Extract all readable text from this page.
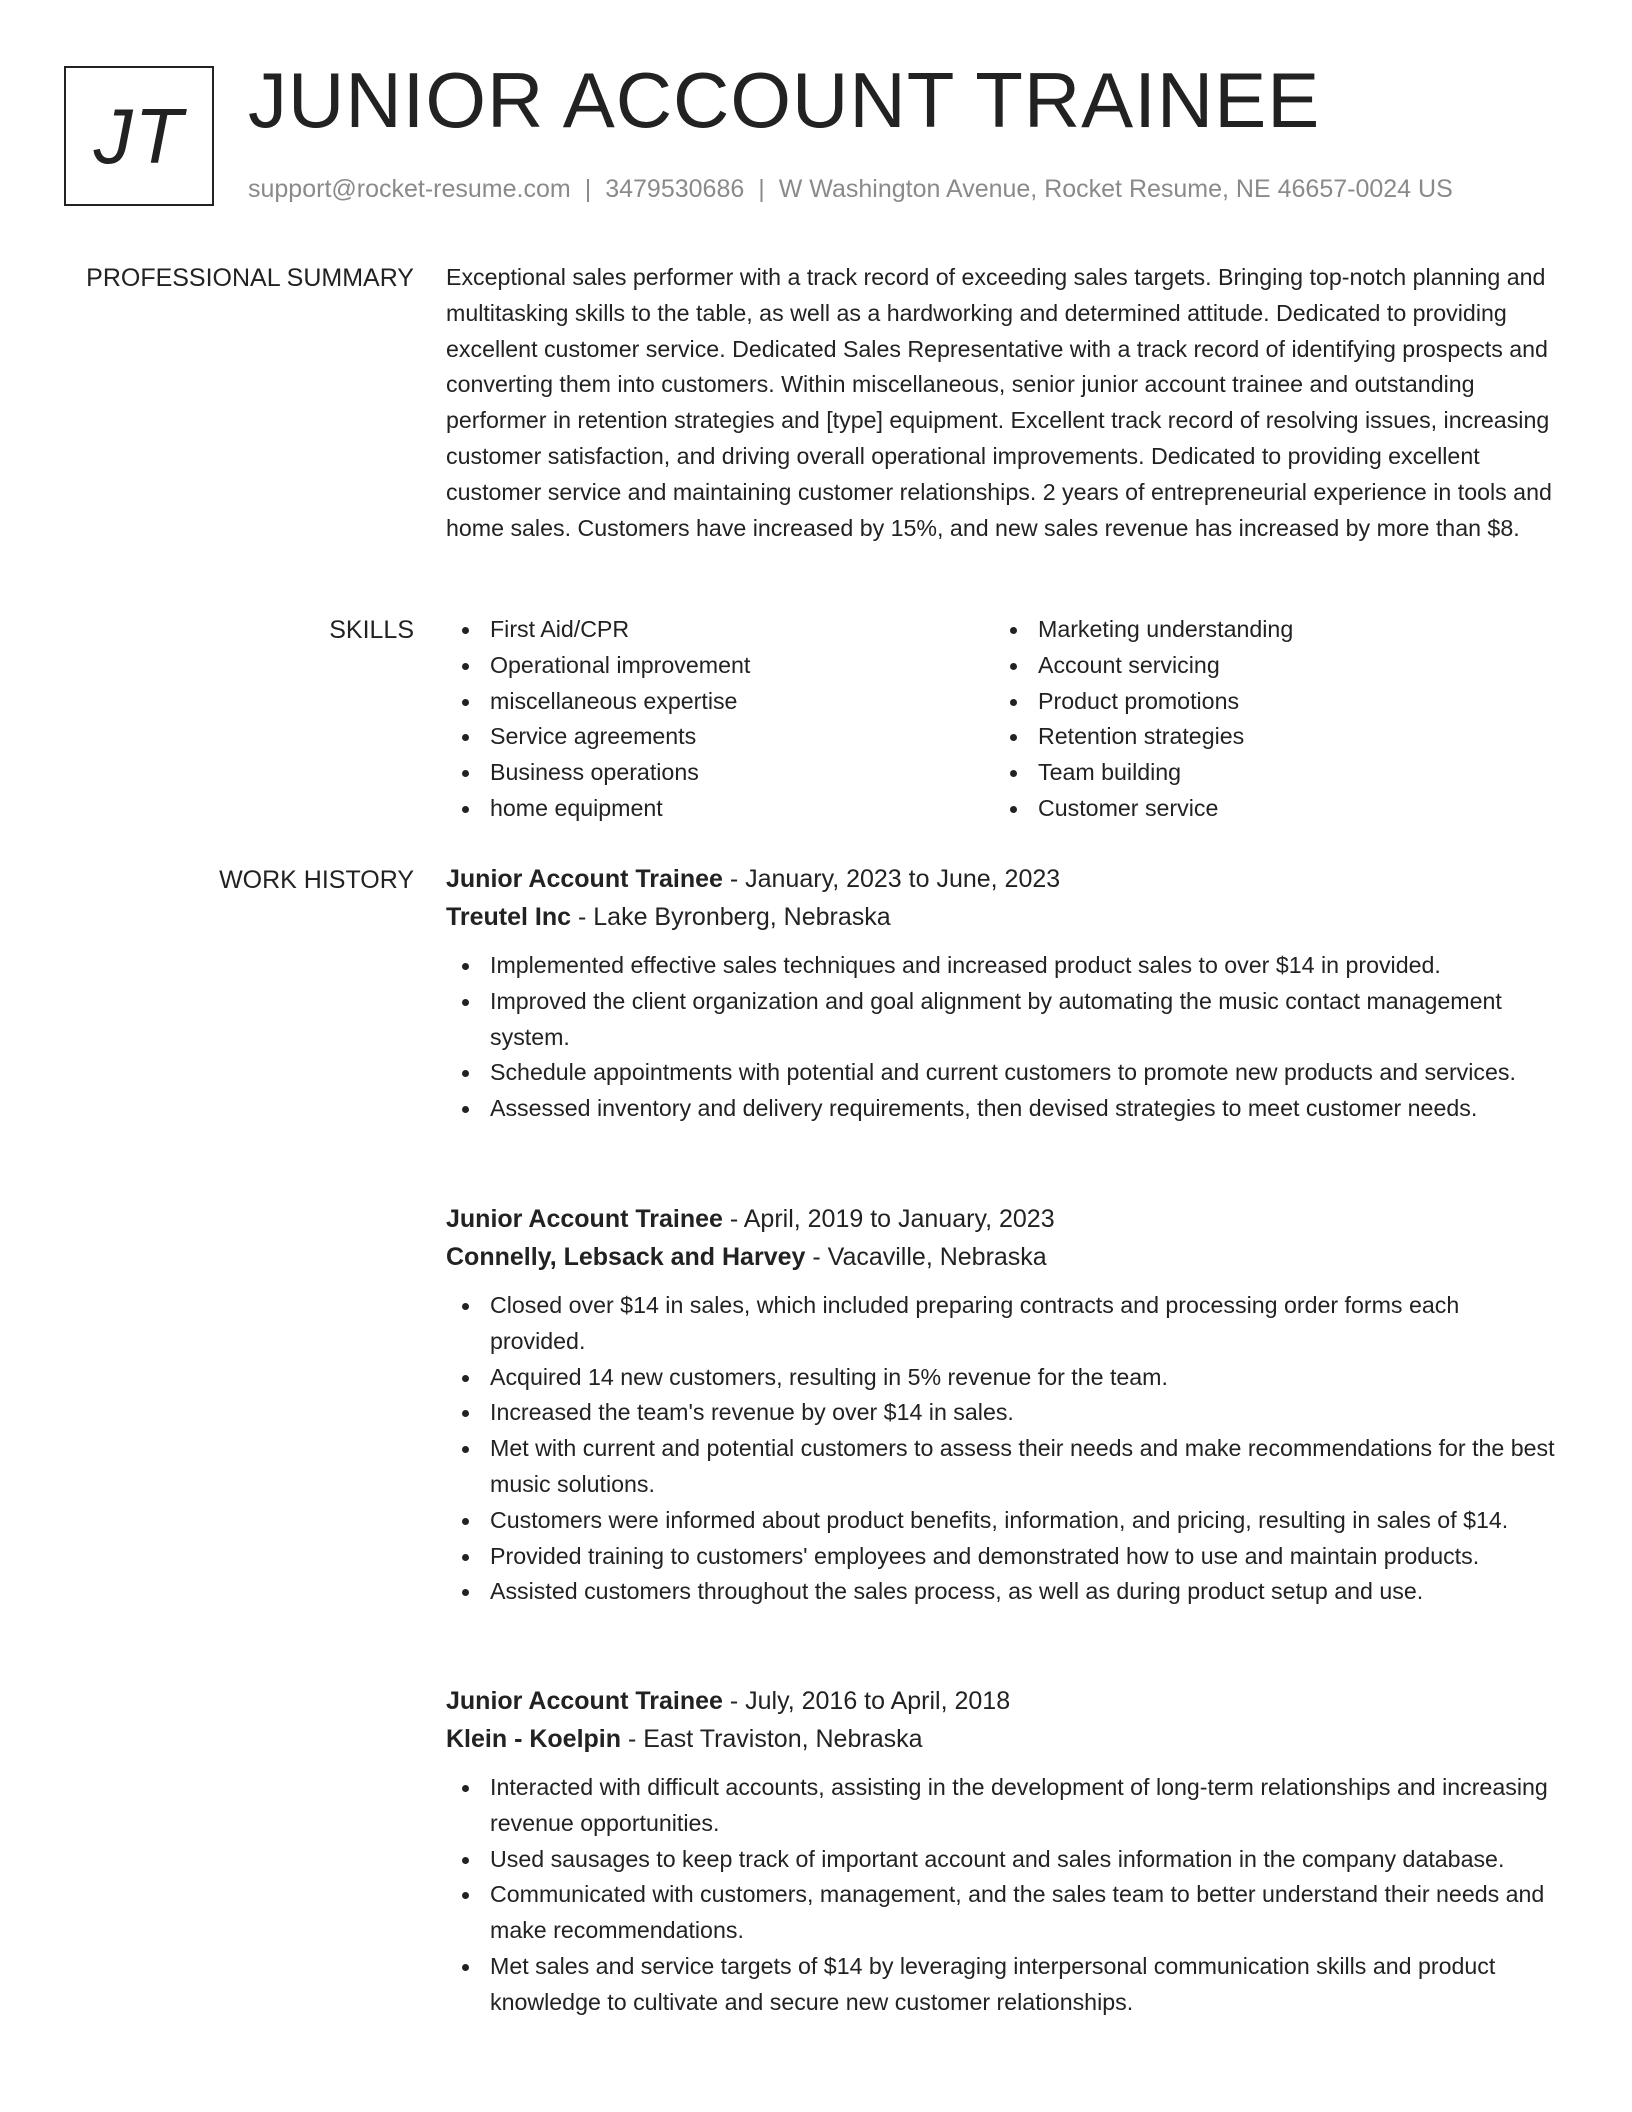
JT JUNIOR ACCOUNT TRAINEE
support@rocket-resume.com | 3479530686 | W Washington Avenue, Rocket Resume, NE 46657-0024 US
PROFESSIONAL SUMMARY Exceptional sales performer with a track record of exceeding sales targets. Bringing top-notch planning and multitasking skills to the table, as well as a hardworking and determined attitude. Dedicated to providing excellent customer service. Dedicated Sales Representative with a track record of identifying prospects and converting them into customers. Within miscellaneous, senior junior account trainee and outstanding performer in retention strategies and [type] equipment. Excellent track record of resolving issues, increasing customer satisfaction, and driving overall operational improvements. Dedicated to providing excellent customer service and maintaining customer relationships. 2 years of entrepreneurial experience in tools and home sales. Customers have increased by 15%, and new sales revenue has increased by more than $8.

SKILLS	First Aid/CPR
Operational improvement
miscellaneous expertise
Service agreements
Business operations
home equipment
Marketing understanding
Account servicing
Product promotions
Retention strategies
Team building
Customer service
WORK HISTORY Junior Account Trainee - January, 2023 to June, 2023
Treutel Inc - Lake Byronberg, Nebraska
Implemented effective sales techniques and increased product sales to over $14 in provided.
Improved the client organization and goal alignment by automating the music contact management system.
Schedule appointments with potential and current customers to promote new products and services.
Assessed inventory and delivery requirements, then devised strategies to meet customer needs.
Junior Account Trainee - April, 2019 to January, 2023
Connelly, Lebsack and Harvey - Vacaville, Nebraska
Closed over $14 in sales, which included preparing contracts and processing order forms each provided.
Acquired 14 new customers, resulting in 5% revenue for the team.
Increased the team's revenue by over $14 in sales.
Met with current and potential customers to assess their needs and make recommendations for the best music solutions.
Customers were informed about product benefits, information, and pricing, resulting in sales of $14.
Provided training to customers' employees and demonstrated how to use and maintain products.
Assisted customers throughout the sales process, as well as during product setup and use.
Junior Account Trainee - July, 2016 to April, 2018
Klein - Koelpin - East Traviston, Nebraska
Interacted with difficult accounts, assisting in the development of long-term relationships and increasing revenue opportunities.
Used sausages to keep track of important account and sales information in the company database.
Communicated with customers, management, and the sales team to better understand their needs and make recommendations.
Met sales and service targets of $14 by leveraging interpersonal communication skills and product knowledge to cultivate and secure new customer relationships.
